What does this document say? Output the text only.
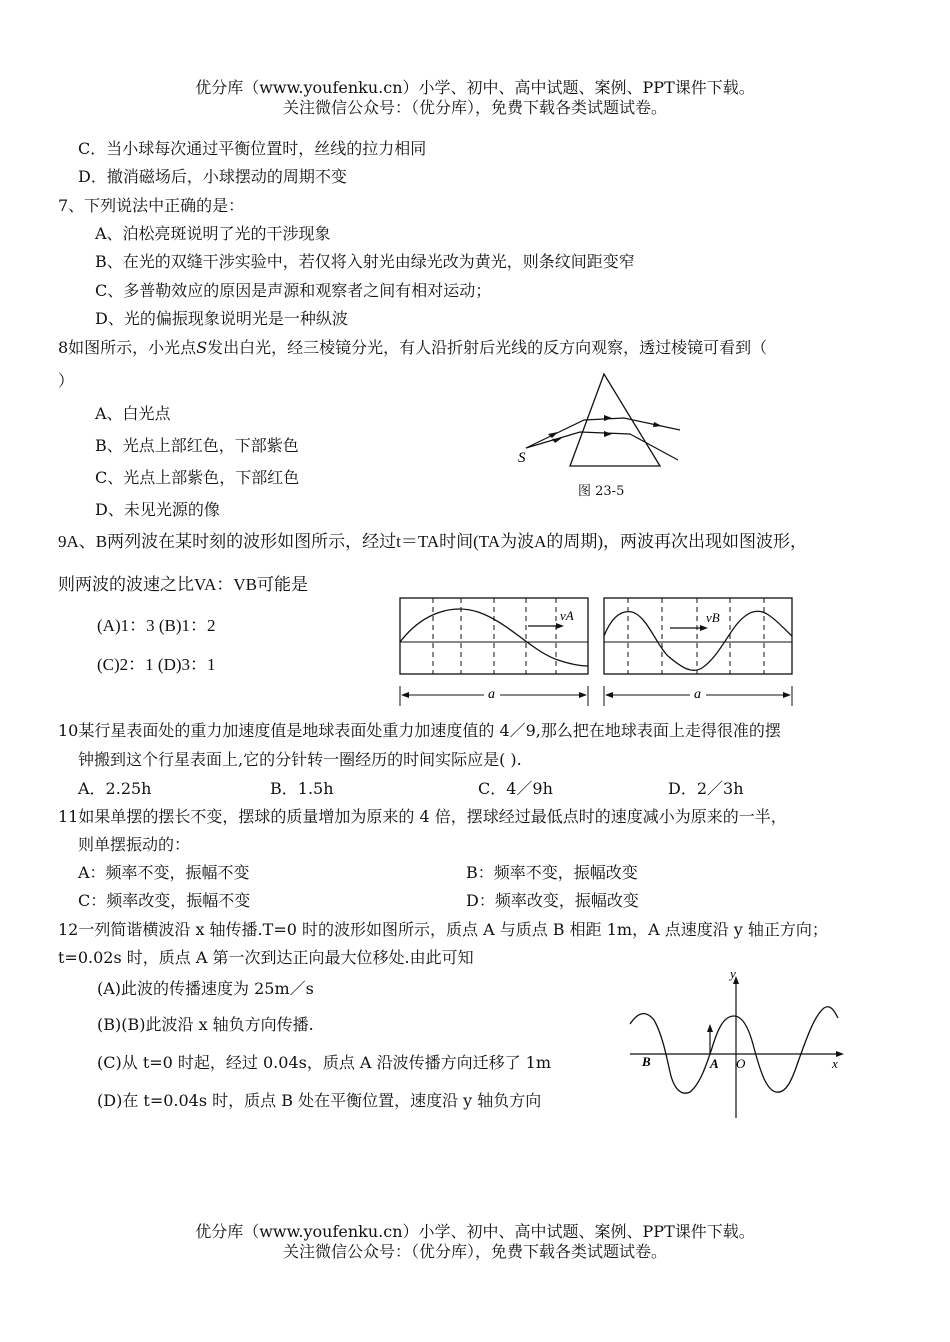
优分库（www.youfenku.cn）小学、初中、高中试题、案例、PPT课件下载。
关注微信公众号：（优分库），免费下载各类试题试卷。
C．当小球每次通过平衡位置时，丝线的拉力相同
D．撤消磁场后，小球摆动的周期不变
7、下列说法中正确的是：
A、泊松亮斑说明了光的干涉现象
B、在光的双缝干涉实验中，若仅将入射光由绿光改为黄光，则条纹间距变窄
C、多普勒效应的原因是声源和观察者之间有相对运动；
D、光的偏振现象说明光是一种纵波
8如图所示，小光点S发出白光，经三棱镜分光，有人沿折射后光线的反方向观察，透过棱镜可看到（
）
A、白光点
B、光点上部红色，下部紫色
C、光点上部紫色，下部红色
D、未见光源的像
S
图 23-5
9A、B两列波在某时刻的波形如图所示，经过t＝TA时间(TA为波A的周期)，两波再次出现如图波形，
则两波的波速之比VA：VB可能是
(A)1：3 (B)1：2
(C)2：1 (D)3：1
vA
a
vB
a
10某行星表面处的重力加速度值是地球表面处重力加速度值的 4／9,那么把在地球表面上走得很准的摆
钟搬到这个行星表面上,它的分针转一圈经历的时间实际应是( ).
A．2.25h	B．1.5h	C．4／9h	D．2／3h
11如果单摆的摆长不变，摆球的质量增加为原来的 4 倍，摆球经过最低点时的速度减小为原来的一半，
则单摆振动的：
A：频率不变，振幅不变	B：频率不变，振幅改变
C：频率改变，振幅不变	D：频率改变，振幅改变
12一列简谐横波沿 x 轴传播.T=0 时的波形如图所示，质点 A 与质点 B 相距 1m，A 点速度沿 y 轴正方向；
t=0.02s 时，质点 A 第一次到达正向最大位移处.由此可知
(A)此波的传播速度为 25m／s
(B)(B)此波沿 x 轴负方向传播.
(C)从 t=0 时起，经过 0.04s，质点 A 沿波传播方向迁移了 1m
(D)在 t=0.04s 时，质点 B 处在平衡位置，速度沿 y 轴负方向
y
x
B	A O
优分库（www.youfenku.cn）小学、初中、高中试题、案例、PPT课件下载。
关注微信公众号：（优分库），免费下载各类试题试卷。
